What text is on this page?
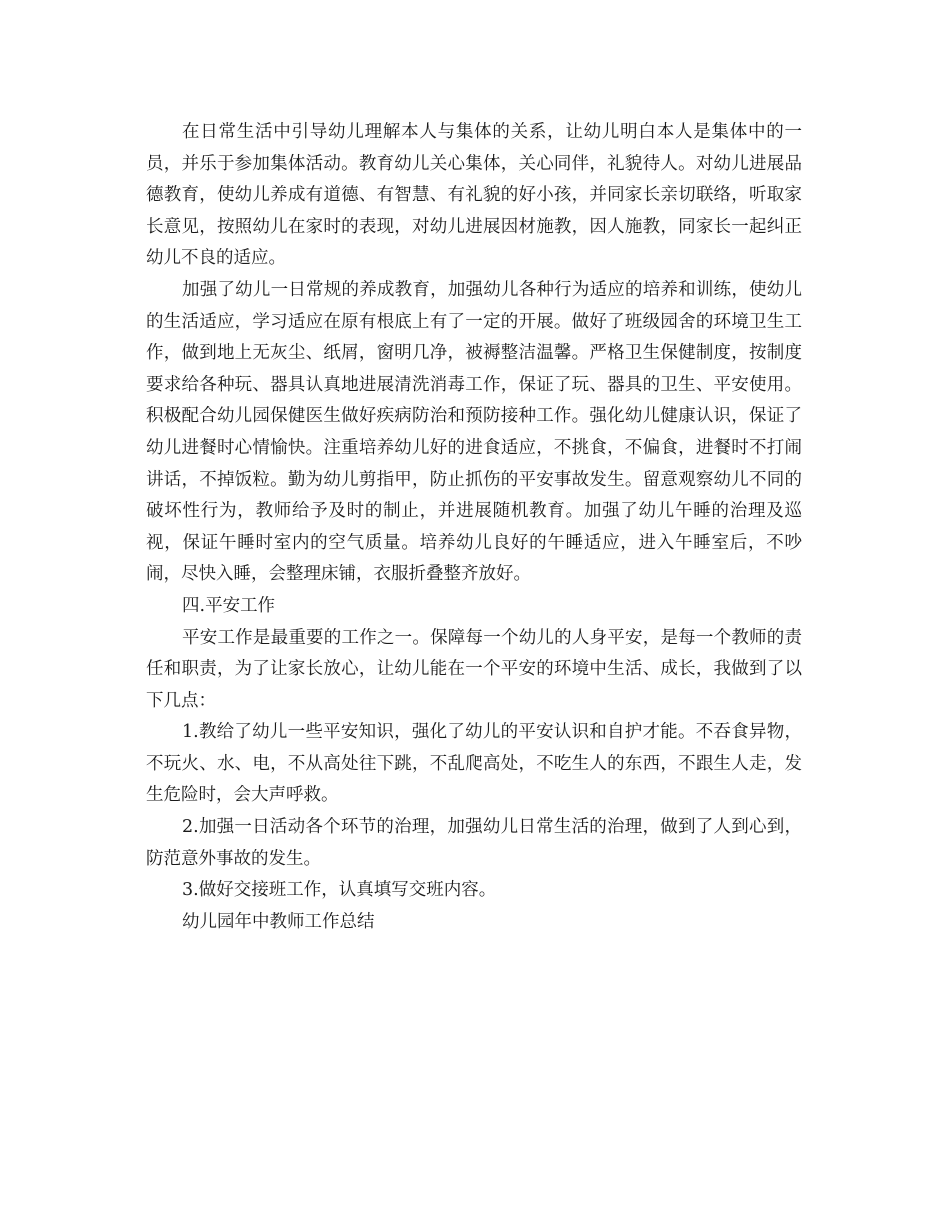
在日常生活中引导幼儿理解本人与集体的关系，让幼儿明白本人是集体中的一员，并乐于参加集体活动。教育幼儿关心集体，关心同伴，礼貌待人。对幼儿进展品德教育，使幼儿养成有道德、有智慧、有礼貌的好小孩，并同家长亲切联络，听取家长意见，按照幼儿在家时的表现，对幼儿进展因材施教，因人施教，同家长一起纠正幼儿不良的适应。

加强了幼儿一日常规的养成教育，加强幼儿各种行为适应的培养和训练，使幼儿的生活适应，学习适应在原有根底上有了一定的开展。做好了班级园舍的环境卫生工作，做到地上无灰尘、纸屑，窗明几净，被褥整洁温馨。严格卫生保健制度，按制度要求给各种玩、器具认真地进展清洗消毒工作，保证了玩、器具的卫生、平安使用。积极配合幼儿园保健医生做好疾病防治和预防接种工作。强化幼儿健康认识，保证了幼儿进餐时心情愉快。注重培养幼儿好的进食适应，不挑食，不偏食，进餐时不打闹讲话，不掉饭粒。勤为幼儿剪指甲，防止抓伤的平安事故发生。留意观察幼儿不同的破坏性行为，教师给予及时的制止，并进展随机教育。加强了幼儿午睡的治理及巡视，保证午睡时室内的空气质量。培养幼儿良好的午睡适应，进入午睡室后，不吵闹，尽快入睡，会整理床铺，衣服折叠整齐放好。

四.平安工作

平安工作是最重要的工作之一。保障每一个幼儿的人身平安，是每一个教师的责任和职责，为了让家长放心，让幼儿能在一个平安的环境中生活、成长，我做到了以下几点：

1.教给了幼儿一些平安知识，强化了幼儿的平安认识和自护才能。不吞食异物，不玩火、水、电，不从高处往下跳，不乱爬高处，不吃生人的东西，不跟生人走，发生危险时，会大声呼救。

2.加强一日活动各个环节的治理，加强幼儿日常生活的治理，做到了人到心到，防范意外事故的发生。

3.做好交接班工作，认真填写交班内容。

幼儿园年中教师工作总结
